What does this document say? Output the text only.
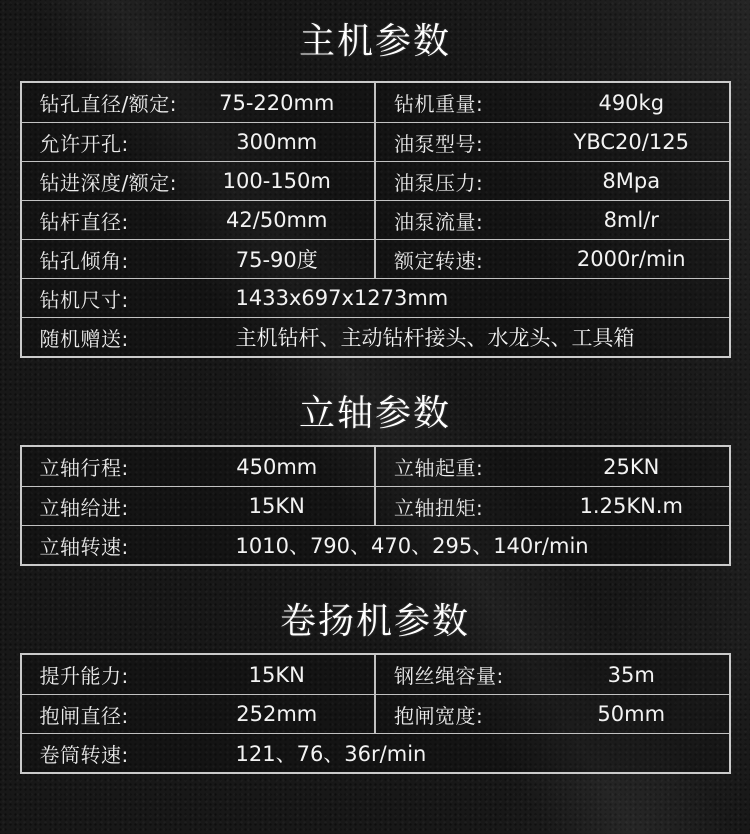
主机参数
钻孔直径/额定:	75-220mm	钻机重量:	490kg
允许开孔:	300mm	油泵型号:	YBC20/125
钻进深度/额定:	100-150m	油泵压力:	8Mpa
钻杆直径:	42/50mm	油泵流量:	8ml/r
钻孔倾角:	75-90度	额定转速:	2000r/min
钻机尺寸:	1433x697x1273mm
随机赠送:	主机钻杆、主动钻杆接头、水龙头、工具箱
立轴参数
立轴行程:	450mm	立轴起重:	25KN
立轴给进:	15KN	立轴扭矩:	1.25KN.m
立轴转速:	1010、790、470、295、140r/min
卷扬机参数
提升能力:	15KN	钢丝绳容量:	35m
抱闸直径:	252mm	抱闸宽度:	50mm
卷筒转速:	121、76、36r/min
